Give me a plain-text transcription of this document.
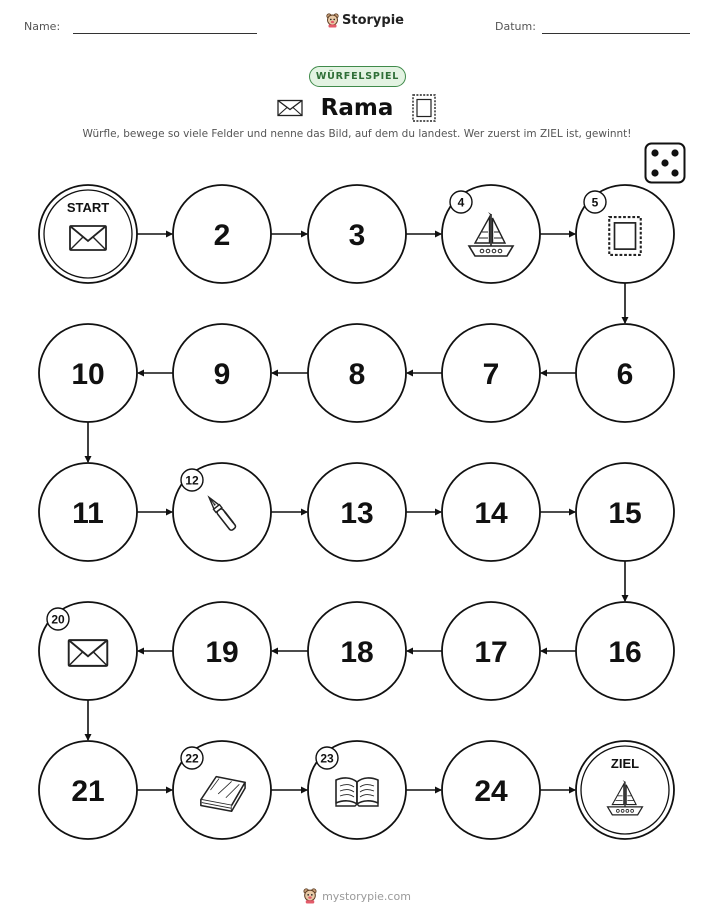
Name:	Storypie	Datum:
WÜRFELSPIEL
Rama
Würfle, bewege so viele Felder und nenne das Bild, auf dem du landest. Wer zuerst im ZIEL ist, gewinnt!
START
2	3
4	5
6
7
8
9
10
11
12
13	14	15
16
17
18
19
20
21
22	23
24
ZIEL
mystorypie.com
